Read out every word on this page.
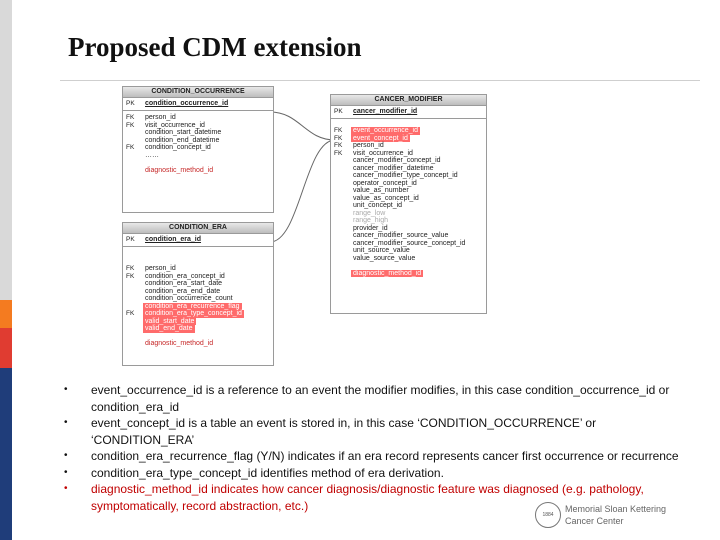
Proposed CDM extension
CONDITION_OCCURRENCE
PK condition_occurrence_id
FK person_id
FK visit_occurrence_id
condition_start_datetime
condition_end_datetime
FK condition_concept_id
……
diagnostic_method_id
CONDITION_ERA
PK condition_era_id
FK person_id
FK condition_era_concept_id
condition_era_start_date
condition_era_end_date
condition_occurrence_count
condition_era_recurrence_flag
FK condition_era_type_concept_id
valid_start_date
valid_end_date
diagnostic_method_id
CANCER_MODIFIER
PK cancer_modifier_id
FK event_occurrence_id
FK event_concept_id
FK person_id
FK visit_occurrence_id
cancer_modifier_concept_id
cancer_modifier_datetime
cancer_modifier_type_concept_id
operator_concept_id
value_as_number
value_as_concept_id
unit_concept_id
range_low
range_high
provider_id
cancer_modifier_source_value
cancer_modifier_source_concept_id
unit_source_value
value_source_value
diagnostic_method_id
• event_occurrence_id is a reference to an event the modifier modifies, in this case condition_occurrence_id or condition_era_id
• event_concept_id is a table an event is stored in, in this case ‘CONDITION_OCCURRENCE’ or ‘CONDITION_ERA’
• condition_era_recurrence_flag (Y/N) indicates if an era record represents cancer first occurrence or recurrence
• condition_era_type_concept_id identifies method of era derivation.
• diagnostic_method_id indicates how cancer diagnosis/diagnostic feature was diagnosed (e.g. pathology, symptomatically, record abstraction, etc.)
1884
Memorial Sloan Kettering
Cancer Center
